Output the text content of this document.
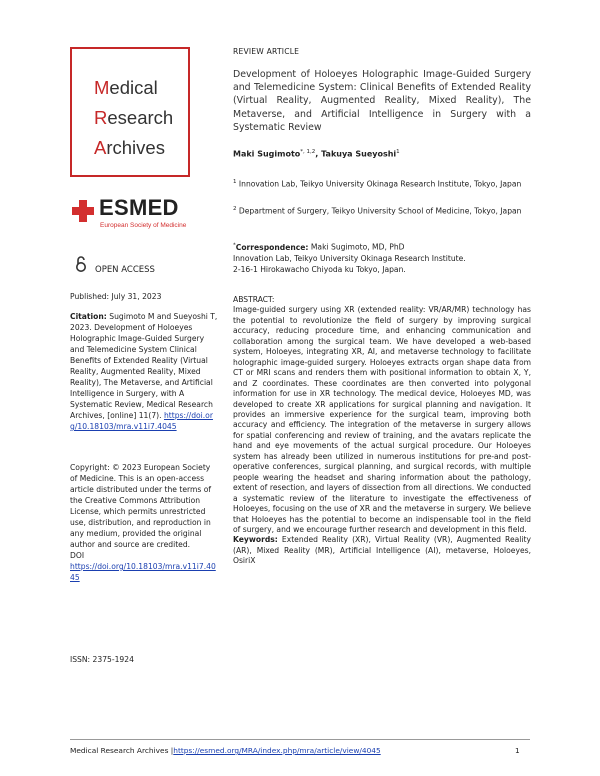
Medical
Research
Archives
ESMED
European Society of Medicine
OPEN ACCESS
Published: July 31, 2023
Citation: Sugimoto M and Sueyoshi T, 2023. Development of Holoeyes Holographic Image-Guided Surgery and Telemedicine System Clinical Benefits of Extended Reality (Virtual Reality, Augmented Reality, Mixed Reality), The Metaverse, and Artificial Intelligence in Surgery, with A Systematic Review, Medical Research Archives, [online] 11(7). https://doi.org/10.18103/mra.v11i7.4045
Copyright: © 2023 European Society of Medicine. This is an open-access article distributed under the terms of the Creative Commons Attribution License, which permits unrestricted use, distribution, and reproduction in any medium, provided the original author and source are credited.
DOI
https://doi.org/10.18103/mra.v11i7.4045
ISSN: 2375-1924
REVIEW ARTICLE
Development of Holoeyes Holographic Image-Guided Surgery and Telemedicine System: Clinical Benefits of Extended Reality (Virtual Reality, Augmented Reality, Mixed Reality), The Metaverse, and Artificial Intelligence in Surgery with a Systematic Review
Maki Sugimoto$^{*, 1,2}$, Takuya Sueyoshi$^1$
$^1$ Innovation Lab, Teikyo University Okinaga Research Institute, Tokyo, Japan
$^2$ Department of Surgery, Teikyo University School of Medicine, Tokyo, Japan
*Correspondence: Maki Sugimoto, MD, PhD
Innovation Lab, Teikyo University Okinaga Research Institute.
2-16-1 Hirokawacho Chiyoda ku Tokyo, Japan.

ABSTRACT:

Image-guided surgery using XR (extended reality: VR/AR/MR) technology has the potential to revolutionize the field of surgery by improving surgical accuracy, reducing procedure time, and enhancing communication and collaboration among the surgical team. We have developed a web-based system, Holoeyes, integrating XR, AI, and metaverse technology to facilitate holographic image-guided surgery. Holoeyes extracts organ shape data from CT or MRI scans and renders them with positional information to obtain X, Y, and Z coordinates. These coordinates are then converted into polygonal information for use in XR technology. The medical device, Holoeyes MD, was developed to create XR applications for surgical planning and navigation. It provides an immersive experience for the surgical team, improving both accuracy and efficiency. The integration of the metaverse in surgery allows for spatial conferencing and review of training, and the avatars replicate the hand and eye movements of the actual surgical procedure. Our Holoeyes system has already been utilized in numerous institutions for pre-and post-operative conferences, surgical planning, and surgical records, with multiple people wearing the headset and sharing information about the pathology, extent of resection, and layers of dissection from all directions. We conducted a systematic review of the literature to investigate the effectiveness of Holoeyes, focusing on the use of XR and the metaverse in surgery. We believe that Holoeyes has the potential to become an indispensable tool in the field of surgery, and we encourage further research and development in this field.

Keywords: Extended Reality (XR), Virtual Reality (VR), Augmented Reality (AR), Mixed Reality (MR), Artificial Intelligence (AI), metaverse, Holoeyes, OsiriX

Medical Research Archives |https://esmed.org/MRA/index.php/mra/article/view/4045	1
